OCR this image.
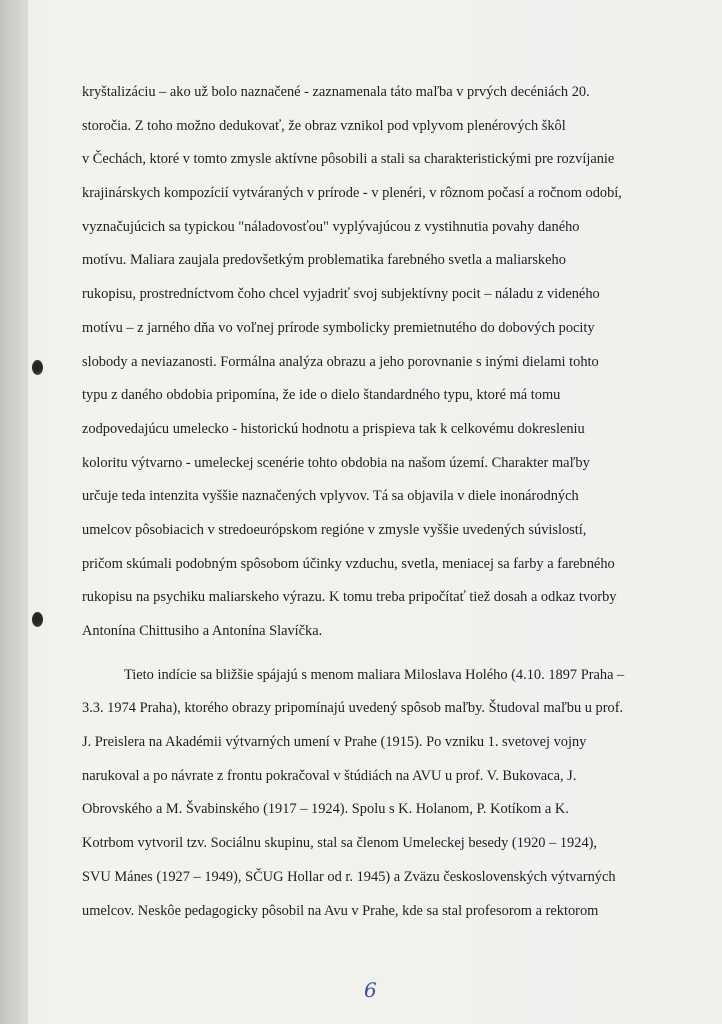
kryštalizáciu – ako už bolo naznačené - zaznamenala táto maľba v prvých decéniách 20.
storočia. Z toho možno dedukovať, že obraz vznikol pod vplyvom plenérových škôl
v Čechách, ktoré v tomto zmysle aktívne pôsobili a stali sa charakteristickými pre rozvíjanie
krajinárskych kompozícií vytváraných v prírode - v plenéri, v rôznom počasí a ročnom odobí,
vyznačujúcich sa typickou "náladovosťou" vyplývajúcou z vystihnutia povahy daného
motívu. Maliara zaujala predovšetkým problematika farebného svetla a maliarskeho
rukopisu, prostredníctvom čoho chcel vyjadriť svoj subjektívny pocit – náladu z videného
motívu – z jarného dňa vo voľnej prírode symbolicky premietnutého do dobových pocity
slobody a neviazanosti. Formálna analýza obrazu a jeho porovnanie s inými dielami tohto
typu z daného obdobia pripomína, že ide o dielo štandardného typu, ktoré má tomu
zodpovedajúcu umelecko - historickú hodnotu a prispieva tak k celkovému dokresleniu
koloritu výtvarno - umeleckej scenérie tohto obdobia na našom území. Charakter maľby
určuje teda intenzita vyššie naznačených vplyvov. Tá sa objavila v diele inonárodných
umelcov pôsobiacich v stredoeurópskom regióne v zmysle vyššie uvedených súvislostí,
pričom skúmali podobným spôsobom účinky vzduchu, svetla, meniacej sa farby a farebného
rukopisu na psychiku maliarskeho výrazu. K tomu treba pripočítať tiež dosah a odkaz tvorby
Antonína Chittusiho a Antonína Slavíčka.
Tieto indície sa bližšie spájajú s menom maliara Miloslava Holého (4.10. 1897 Praha –
3.3. 1974 Praha), ktorého obrazy pripomínajú uvedený spôsob maľby. Študoval maľbu u prof.
J. Preislera na Akadémii výtvarných umení v Prahe (1915). Po vzniku 1. svetovej vojny
narukoval a po návrate z frontu pokračoval v štúdiách na AVU u prof. V. Bukovaca, J.
Obrovského a M. Švabinského (1917 – 1924). Spolu s K. Holanom, P. Kotíkom a K.
Kotrbom vytvoril tzv. Sociálnu skupinu, stal sa členom Umeleckej besedy (1920 – 1924),
SVU Mánes (1927 – 1949), SČUG Hollar od r. 1945) a Zväzu československých výtvarných
umelcov. Neskôe pedagogicky pôsobil na Avu v Prahe, kde sa stal profesorom a rektorom
6
